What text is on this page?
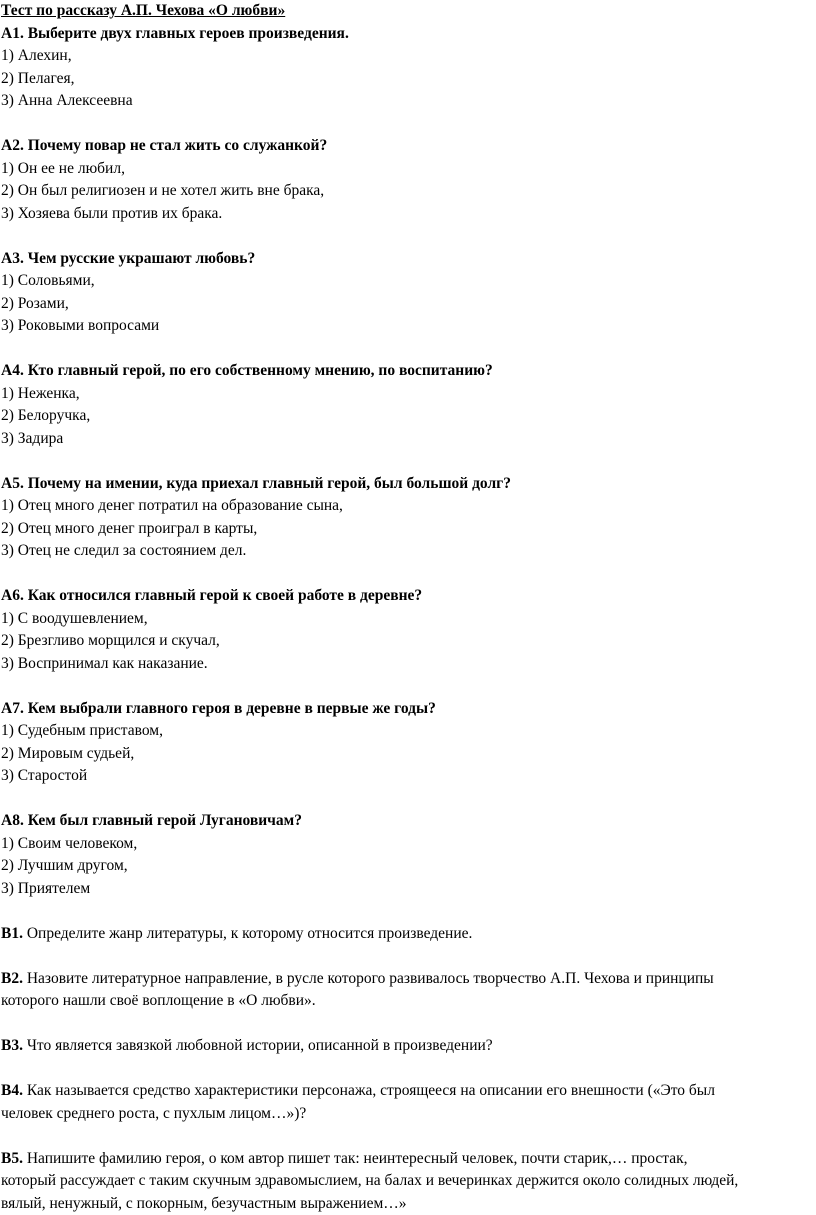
Тест по рассказу А.П. Чехова «О любви»

А1. Выберите двух главных героев произведения.

1) Алехин,

2) Пелагея,

3) Анна Алексеевна

А2. Почему повар не стал жить со служанкой?

1) Он ее не любил,

2) Он был религиозен и не хотел жить вне брака,

3) Хозяева были против их брака.

А3. Чем русские украшают любовь?

1) Соловьями,

2) Розами,

3) Роковыми вопросами

А4. Кто главный герой, по его собственному мнению, по воспитанию?

1) Неженка,

2) Белоручка,

3) Задира

А5. Почему на имении, куда приехал главный герой, был большой долг?

1) Отец много денег потратил на образование сына,

2) Отец много денег проиграл в карты,

3) Отец не следил за состоянием дел.

А6. Как относился главный герой к своей работе в деревне?

1) С воодушевлением,

2) Брезгливо морщился и скучал,

3) Воспринимал как наказание.

А7. Кем выбрали главного героя в деревне в первые же годы?

1) Судебным приставом,

2) Мировым судьей,

3) Старостой

А8. Кем был главный герой Лугановичам?

1) Своим человеком,

2) Лучшим другом,

3) Приятелем

В1. Определите жанр литературы, к которому относится произведение.

В2. Назовите литературное направление, в русле которого развивалось творчество А.П. Чехова и принципы

которого нашли своё воплощение в «О любви».

В3. Что является завязкой любовной истории, описанной в произведении?

В4. Как называется средство характеристики персонажа, строящееся на описании его внешности («Это был

человек среднего роста, с пухлым лицом…»)?

В5. Напишите фамилию героя, о ком автор пишет так: неинтересный человек, почти старик,… простак,

который рассуждает с таким скучным здравомыслием, на балах и вечеринках держится около солидных людей,

вялый, ненужный, с покорным, безучастным выражением…»
